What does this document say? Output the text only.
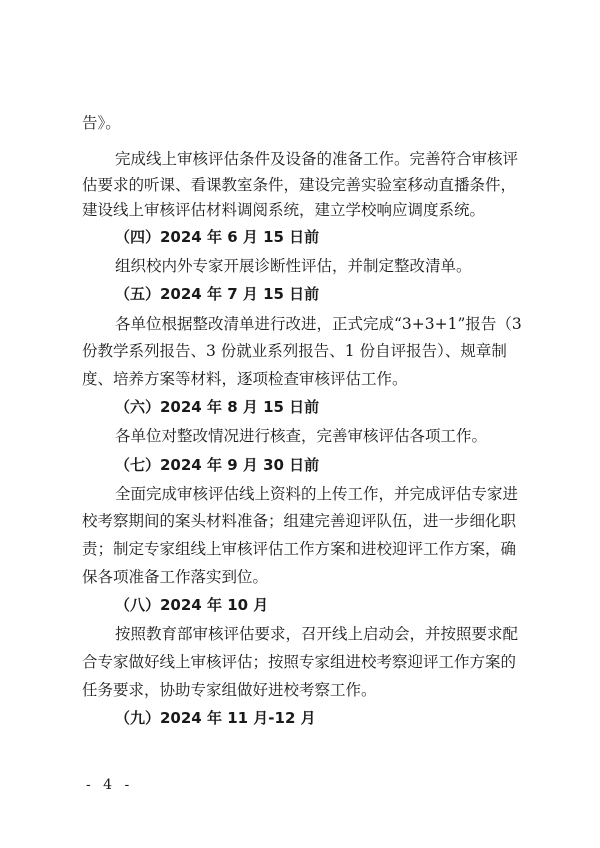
告》。
完成线上审核评估条件及设备的准备工作。完善符合审核评
估要求的听课、看课教室条件，建设完善实验室移动直播条件，
建设线上审核评估材料调阅系统，建立学校响应调度系统。
（四）2024 年 6 月 15 日前
组织校内外专家开展诊断性评估，并制定整改清单。
（五）2024 年 7 月 15 日前
各单位根据整改清单进行改进，正式完成“3+3+1”报告（3
份教学系列报告、3 份就业系列报告、1 份自评报告）、规章制
度、培养方案等材料，逐项检查审核评估工作。
（六）2024 年 8 月 15 日前
各单位对整改情况进行核查，完善审核评估各项工作。
（七）2024 年 9 月 30 日前
全面完成审核评估线上资料的上传工作，并完成评估专家进
校考察期间的案头材料准备；组建完善迎评队伍，进一步细化职
责；制定专家组线上审核评估工作方案和进校迎评工作方案，确
保各项准备工作落实到位。
（八）2024 年 10 月
按照教育部审核评估要求，召开线上启动会，并按照要求配
合专家做好线上审核评估；按照专家组进校考察迎评工作方案的
任务要求，协助专家组做好进校考察工作。
（九）2024 年 11 月-12 月
- 4 -
